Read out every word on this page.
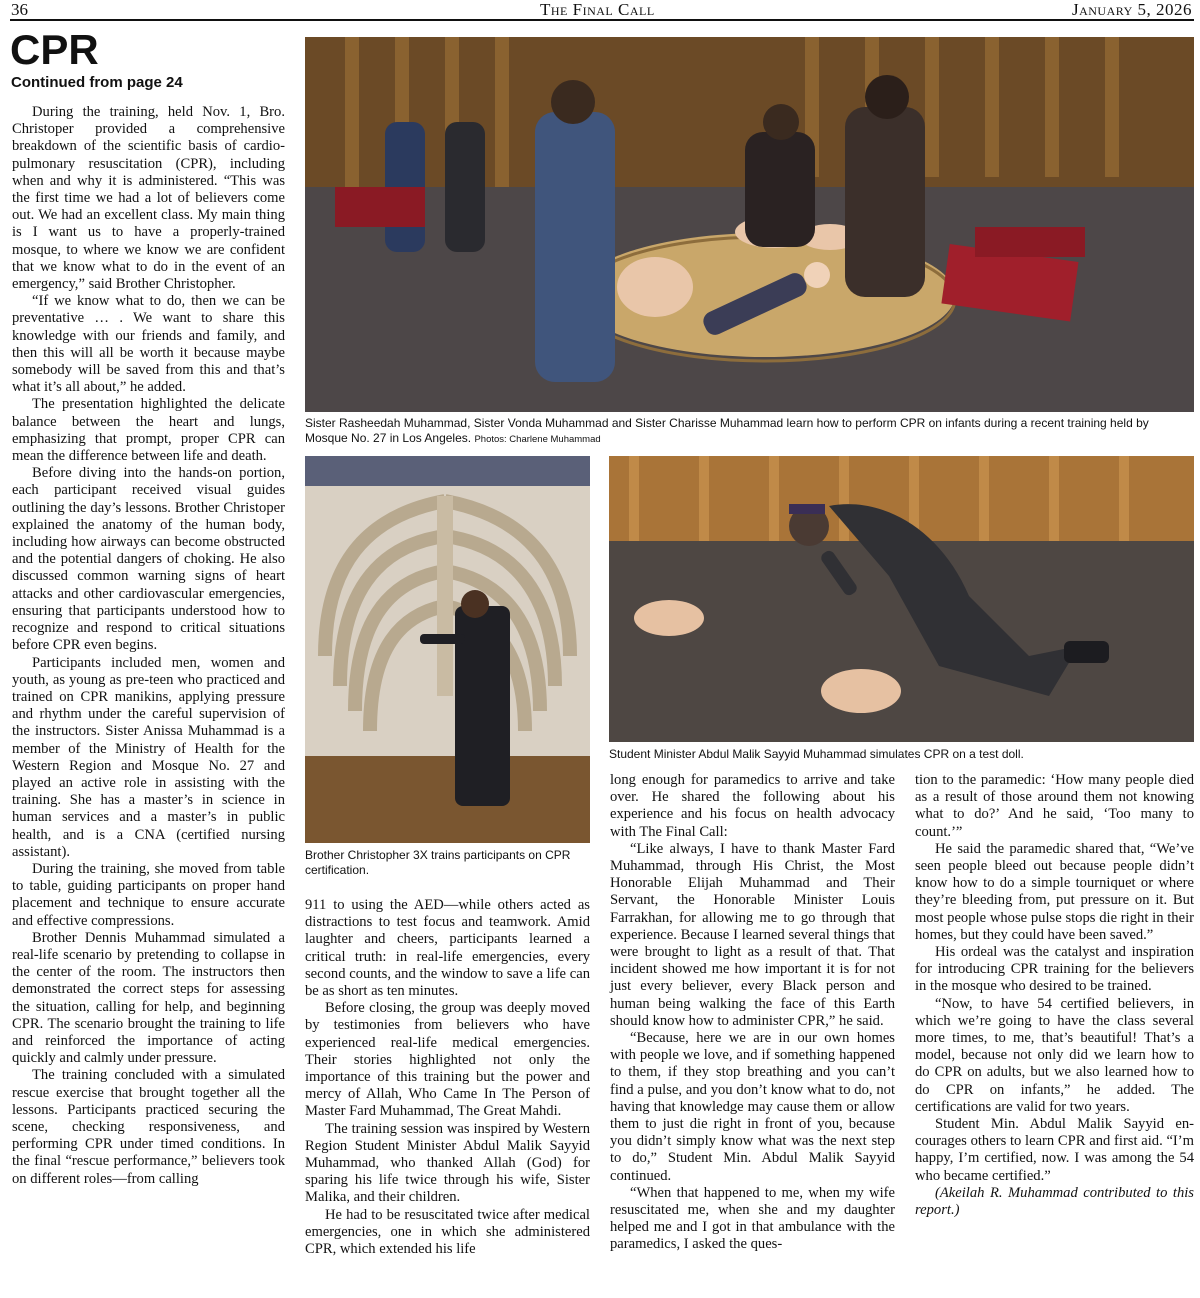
36	The Final Call	January 5, 2026
CPR
Continued from page 24

During the training, held Nov. 1, Bro. Christoper provided a comprehensive breakdown of the scientific basis of cardiopulmonary resuscitation (CPR), including when and why it is administered. “This was the first time we had a lot of believers come out. We had an excellent class. My main thing is I want us to have a properly-trained mosque, to where we know we are confident that we know what to do in the event of an emergency,” said Brother Christopher.

“If we know what to do, then we can be preventative … . We want to share this knowledge with our friends and family, and then this will all be worth it because maybe somebody will be saved from this and that’s what it’s all about,” he added.

The presentation highlighted the delicate balance between the heart and lungs, emphasizing that prompt, proper CPR can mean the difference between life and death.

Before diving into the hands-on portion, each participant received visual guides outlining the day’s lessons. Brother Christoper explained the anatomy of the human body, including how airways can become obstructed and the potential dangers of choking. He also discussed common warning signs of heart attacks and other cardiovascular emergencies, ensuring that participants understood how to recognize and respond to critical situations before CPR even begins.

Participants included men, women and youth, as young as pre-teen who practiced and trained on CPR manikins, applying pressure and rhythm under the careful supervision of the instructors. Sister Anissa Muhammad is a member of the Ministry of Health for the Western Region and Mosque No. 27 and played an active role in assisting with the training. She has a master’s in science in human services and a master’s in public health, and is a CNA (certified nursing assistant).

During the training, she moved from table to table, guiding participants on proper hand placement and technique to ensure accurate and effective compressions.

Brother Dennis Muhammad simulated a real-life scenario by pretending to collapse in the center of the room. The instructors then demonstrated the correct steps for assessing the situation, calling for help, and beginning CPR. The scenario brought the training to life and reinforced the importance of acting quickly and calmly under pressure.

The training concluded with a simulated rescue exercise that brought together all the lessons. Participants practiced securing the scene, checking responsiveness, and performing CPR under timed conditions. In the final “rescue performance,” believers took on different roles—from calling

Sister Rasheedah Muhammad, Sister Vonda Muhammad and Sister Charisse Muhammad learn how to perform CPR on infants during a recent training held by Mosque No. 27 in Los Angeles. Photos: Charlene Muhammad
Brother Christopher 3X trains participants on CPR certification.
Student Minister Abdul Malik Sayyid Muhammad simulates CPR on a test doll.

911 to using the AED—while others acted as distractions to test focus and teamwork. Amid laughter and cheers, participants learned a critical truth: in real-life emergencies, every second counts, and the window to save a life can be as short as ten minutes.

Before closing, the group was deeply moved by testimonies from believers who have experienced real-life medical emergencies. Their stories highlighted not only the importance of this training but the power and mercy of Allah, Who Came In The Person of Master Fard Muhammad, The Great Mahdi.

The training session was inspired by Western Region Student Minister Abdul Malik Sayyid Muhammad, who thanked Allah (God) for sparing his life twice through his wife, Sister Malika, and their children.

He had to be resuscitated twice after medical emergencies, one in which she administered CPR, which extended his life

long enough for paramedics to arrive and take over. He shared the following about his experience and his focus on health advocacy with The Final Call:

“Like always, I have to thank Master Fard Muhammad, through His Christ, the Most Honorable Elijah Muhammad and Their Servant, the Honorable Minister Louis Farrakhan, for allowing me to go through that experience. Because I learned several things that were brought to light as a result of that. That incident showed me how important it is for not just every believer, every Black person and human being walking the face of this Earth should know how to administer CPR,” he said.

“Because, here we are in our own homes with people we love, and if something happened to them, if they stop breathing and you can’t find a pulse, and you don’t know what to do, not having that knowledge may cause them or allow them to just die right in front of you, because you didn’t simply know what was the next step to do,” Student Min. Abdul Malik Sayyid continued.

“When that happened to me, when my wife resuscitated me, when she and my daughter helped me and I got in that ambulance with the paramedics, I asked the ques-

tion to the paramedic: ‘How many people died as a result of those around them not knowing what to do?’ And he said, ‘Too many to count.’”

He said the paramedic shared that, “We’ve seen people bleed out because people didn’t know how to do a simple tourniquet or where they’re bleeding from, put pressure on it. But most people whose pulse stops die right in their homes, but they could have been saved.”

His ordeal was the catalyst and inspiration for introducing CPR training for the believers in the mosque who desired to be trained.

“Now, to have 54 certified believers, in which we’re going to have the class several more times, to me, that’s beautiful! That’s a model, because not only did we learn how to do CPR on adults, but we also learned how to do CPR on infants,” he added. The certifications are valid for two years.

Student Min. Abdul Malik Sayyid encourages others to learn CPR and first aid. “I’m happy, I’m certified, now. I was among the 54 who became certified.”

(Akeilah R. Muhammad contributed to this report.)
